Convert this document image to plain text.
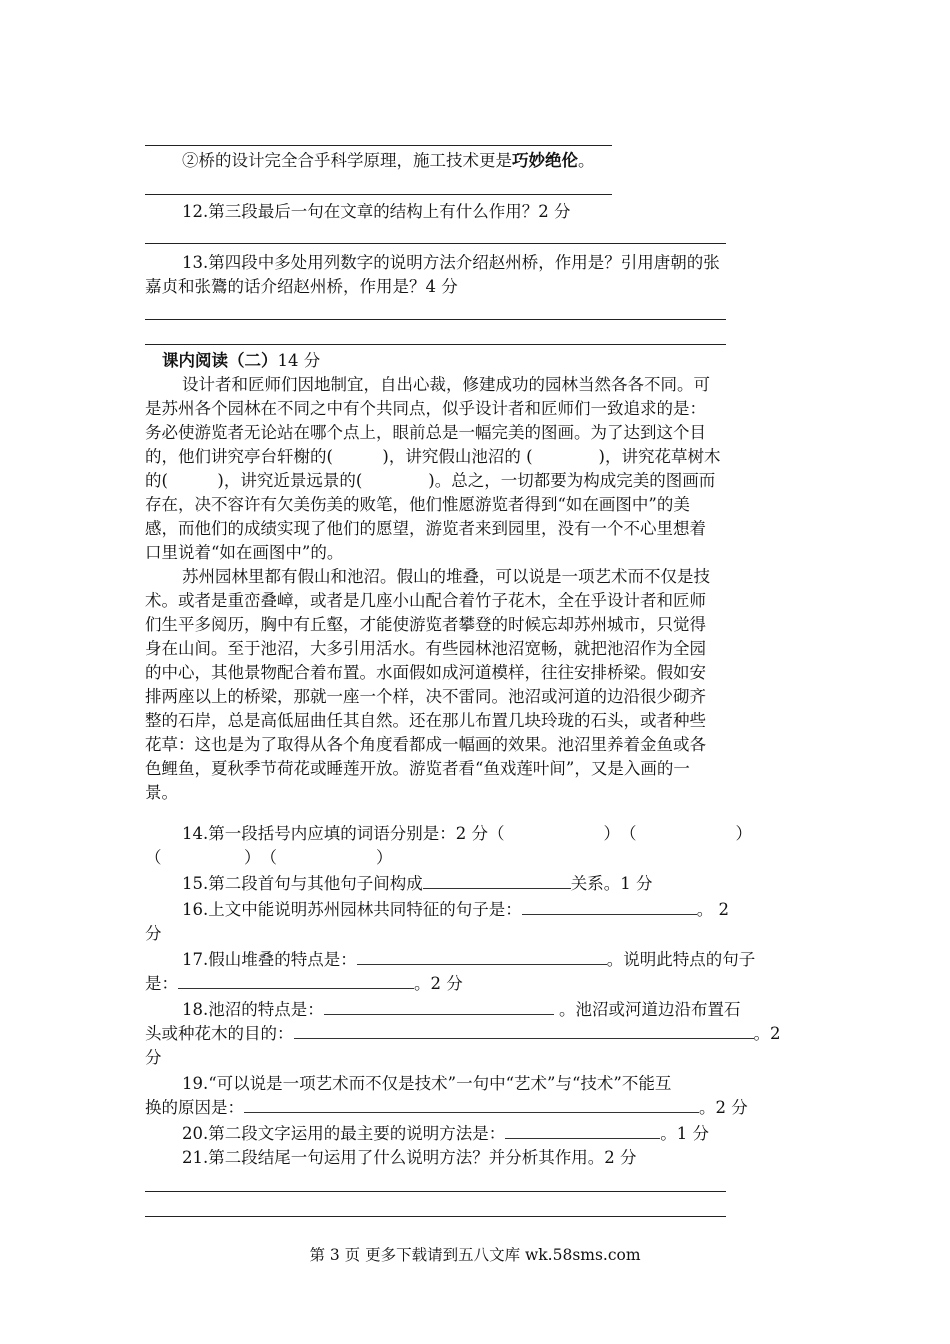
②桥的设计完全合乎科学原理，施工技术更是巧妙绝伦。
12.第三段最后一句在文章的结构上有什么作用？2 分
13.第四段中多处用列数字的说明方法介绍赵州桥，作用是？引用唐朝的张
嘉贞和张鷟的话介绍赵州桥，作用是？4 分
课内阅读（二）14 分
设计者和匠师们因地制宜，自出心裁，修建成功的园林当然各各不同。可
是苏州各个园林在不同之中有个共同点，似乎设计者和匠师们一致追求的是：
务必使游览者无论站在哪个点上，眼前总是一幅完美的图画。为了达到这个目
的，他们讲究亭台轩榭的(　　　)，讲究假山池沼的 (　　　　)，讲究花草树木
的(　　　)，讲究近景远景的(　　　　)。总之，一切都要为构成完美的图画而
存在，决不容许有欠美伤美的败笔，他们惟愿游览者得到“如在画图中”的美
感，而他们的成绩实现了他们的愿望，游览者来到园里，没有一个不心里想着
口里说着“如在画图中”的。
苏州园林里都有假山和池沼。假山的堆叠，可以说是一项艺术而不仅是技
术。或者是重峦叠嶂，或者是几座小山配合着竹子花木，全在乎设计者和匠师
们生平多阅历，胸中有丘壑，才能使游览者攀登的时候忘却苏州城市，只觉得
身在山间。至于池沼，大多引用活水。有些园林池沼宽畅，就把池沼作为全园
的中心，其他景物配合着布置。水面假如成河道模样，往往安排桥梁。假如安
排两座以上的桥梁，那就一座一个样，决不雷同。池沼或河道的边沿很少砌齐
整的石岸，总是高低屈曲任其自然。还在那儿布置几块玲珑的石头，或者种些
花草：这也是为了取得从各个角度看都成一幅画的效果。池沼里养着金鱼或各
色鲤鱼，夏秋季节荷花或睡莲开放。游览者看“鱼戏莲叶间”，又是入画的一
景。
14.第一段括号内应填的词语分别是：2 分（　　　　　　）　（　　　　　　）
（　　　　　）　（　　　　　　）
15.第二段首句与其他句子间构成	关系。1 分
16.上文中能说明苏州园林共同特征的句子是：	。 2
分
17.假山堆叠的特点是：	。说明此特点的句子
是：	。2 分
18.池沼的特点是：	。池沼或河道边沿布置石
头或种花木的目的：	。2
分
19.“可以说是一项艺术而不仅是技术”一句中“艺术”与“技术”不能互
换的原因是：	。2 分
20.第二段文字运用的最主要的说明方法是：	。1 分
21.第二段结尾一句运用了什么说明方法？并分析其作用。2 分
第 3 页 更多下载请到五八文库 wk.58sms.com
